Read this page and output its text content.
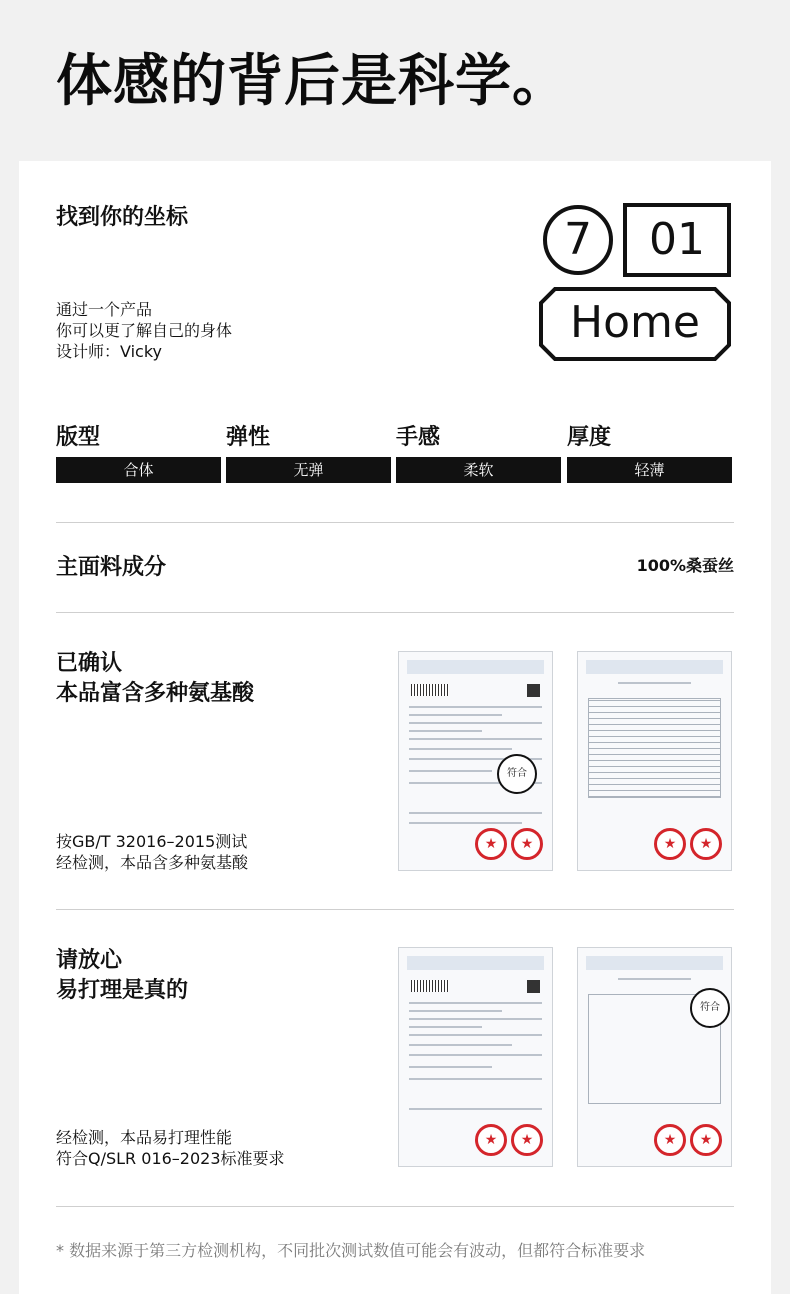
体感的背后是科学。
找到你的坐标
通过一个产品
你可以更了解自己的身体
设计师：Vicky
7	01
Home
版型
合体
弹性
无弹
手感
柔软
厚度
轻薄
主面料成分	100%桑蚕丝
已确认
本品富含多种氨基酸
按GB/T 32016–2015测试
经检测，本品含多种氨基酸
符合
★
★
★
★
请放心
易打理是真的
经检测，本品易打理性能
符合Q/SLR 016–2023标准要求
★
★
符合
★
★
* 数据来源于第三方检测机构，不同批次测试数值可能会有波动，但都符合标准要求
